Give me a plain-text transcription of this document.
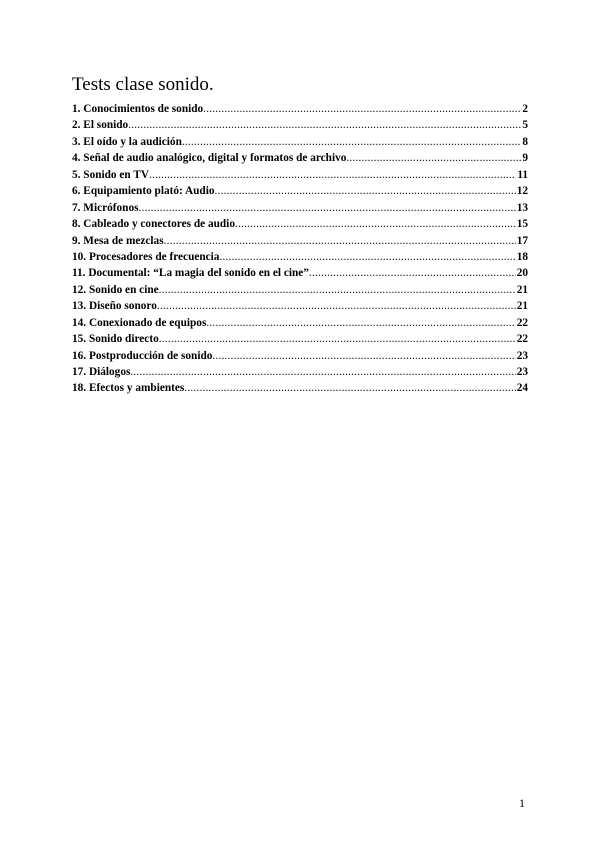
Tests clase sonido.
1. Conocimientos de sonido .....	2
2. El sonido .....	5
3. El oído y la audición .....	8
4. Señal de audio analógico, digital y formatos de archivo .....	9
5. Sonido en TV .....	11
6. Equipamiento plató: Audio .....	12
7. Micrófonos .....	13
8. Cableado y conectores de audio .....	15
9. Mesa de mezclas .....	17
10. Procesadores de frecuencia .....	18
11. Documental: “La magia del sonido en el cine” .....	20
12. Sonido en cine .....	21
13. Diseño sonoro .....	21
14. Conexionado de equipos .....	22
15. Sonido directo .....	22
16. Postproducción de sonido .....	23
17. Diálogos .....	23
18. Efectos y ambientes .....	24
1
